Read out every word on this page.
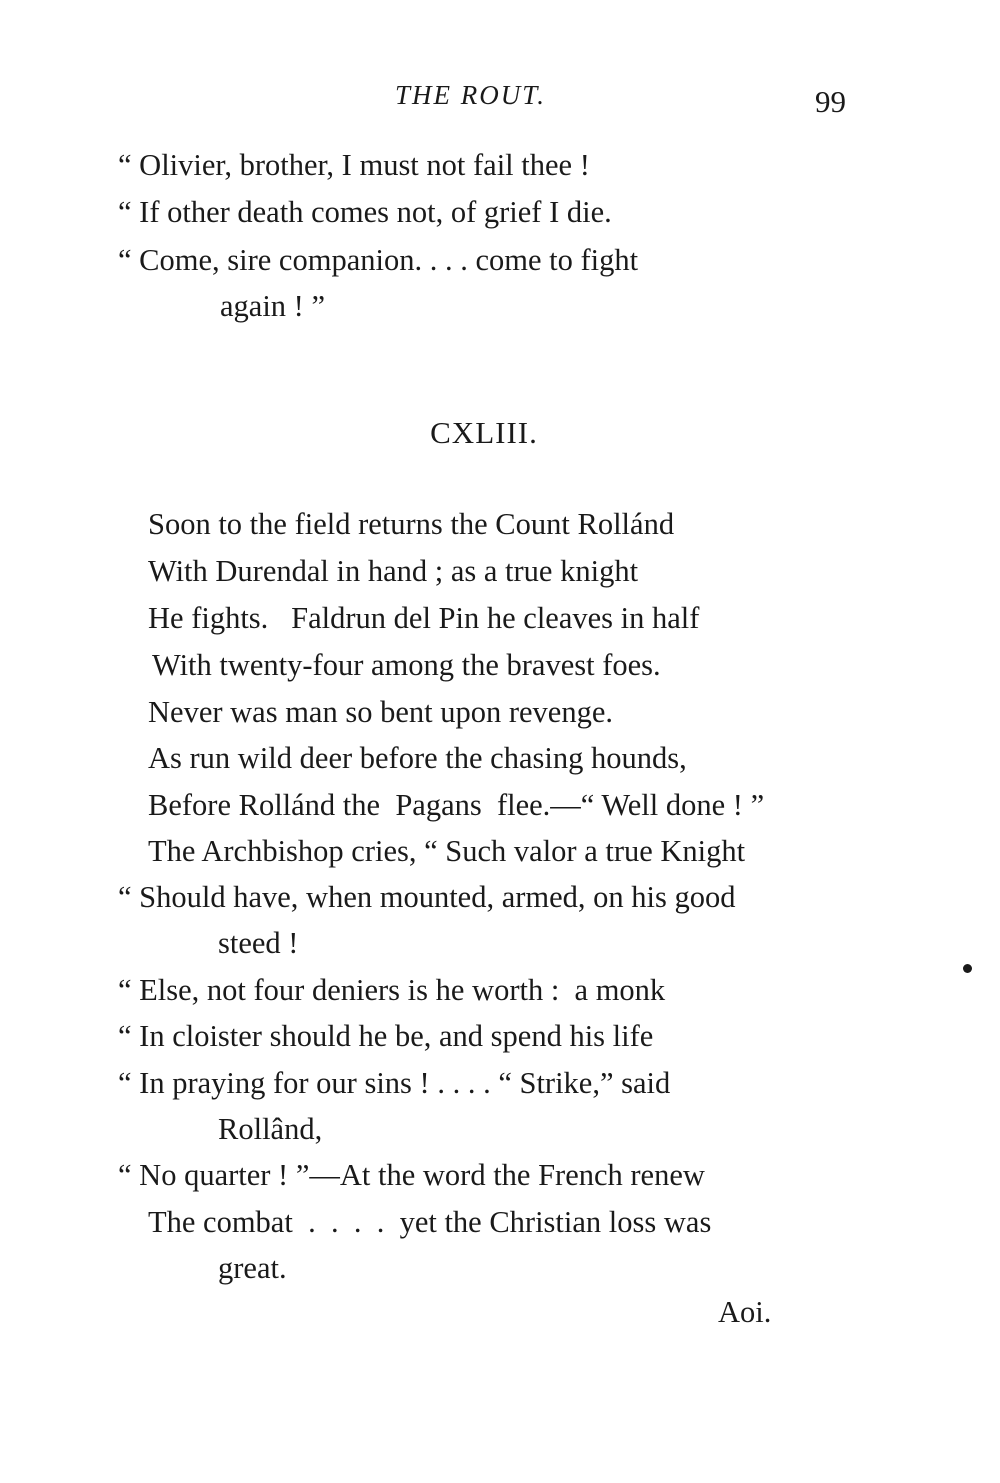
THE ROUT.	99
“ Olivier, brother, I must not fail thee !
“ If other death comes not, of grief I die.
“ Come, sire companion. . . . come to fight
again ! ”
CXLIII.
Soon to the field returns the Count Rollánd
With Durendal in hand ; as a true knight
He fights.   Faldrun del Pin he cleaves in half
With twenty-four among the bravest foes.
Never was man so bent upon revenge.
As run wild deer before the chasing hounds,
Before Rollánd the  Pagans  flee.—“ Well done ! ”
The Archbishop cries, “ Such valor a true Knight
“ Should have, when mounted, armed, on his good
steed !
“ Else, not four deniers is he worth :  a monk
“ In cloister should he be, and spend his life
“ In praying for our sins ! . . . . “ Strike,” said
Rollând,
“ No quarter ! ”—At the word the French renew
The combat  .  .  .  .  yet the Christian loss was
great.
Aoi.
